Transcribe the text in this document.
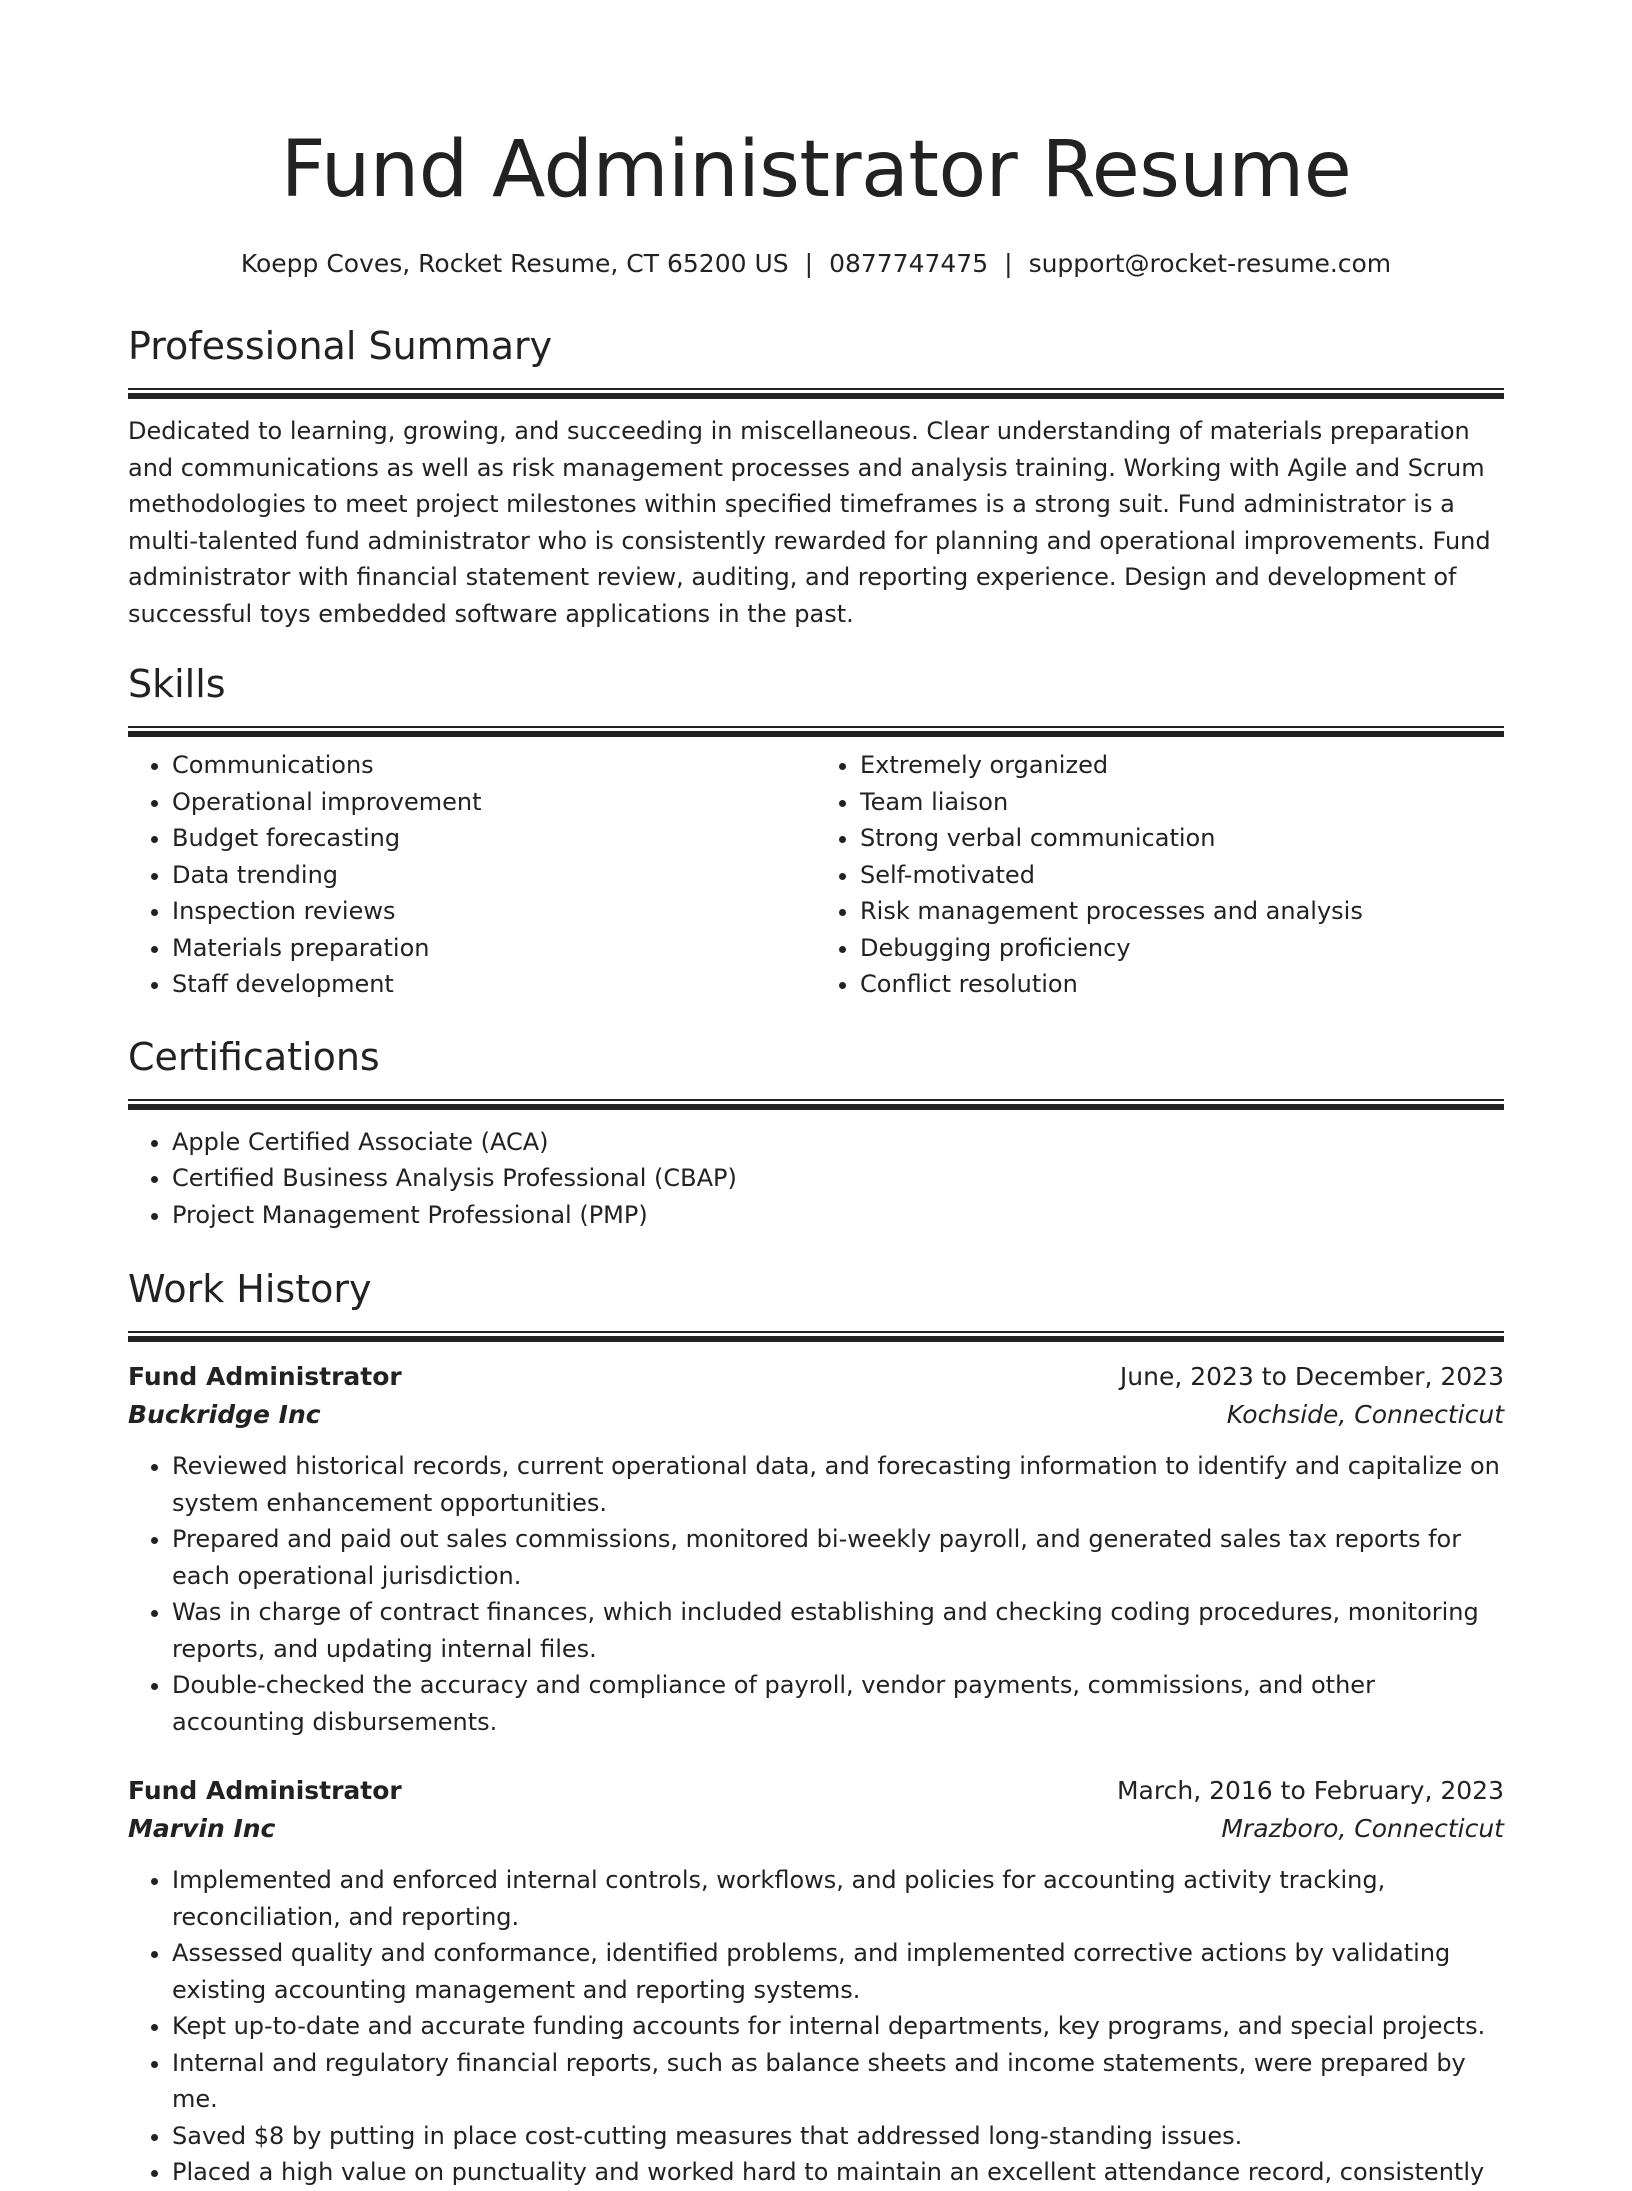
Fund Administrator Resume
Koepp Coves, Rocket Resume, CT 65200 US | 0877747475 | support@rocket-resume.com
Professional Summary

Dedicated to learning, growing, and succeeding in miscellaneous. Clear understanding of materials preparation and communications as well as risk management processes and analysis training. Working with Agile and Scrum methodologies to meet project milestones within specified timeframes is a strong suit. Fund administrator is a multi-talented fund administrator who is consistently rewarded for planning and operational improvements. Fund administrator with financial statement review, auditing, and reporting experience. Design and development of successful toys embedded software applications in the past.

Skills
• Communications
• Operational improvement
• Budget forecasting
• Data trending
• Inspection reviews
• Materials preparation
• Staff development
• Extremely organized
• Team liaison
• Strong verbal communication
• Self-motivated
• Risk management processes and analysis
• Debugging proficiency
• Conflict resolution
Certifications
• Apple Certified Associate (ACA)
• Certified Business Analysis Professional (CBAP)
• Project Management Professional (PMP)
Work History
Fund Administrator	June, 2023 to December, 2023
Buckridge Inc	Kochside, Connecticut
• Reviewed historical records, current operational data, and forecasting information to identify and capitalize on system enhancement opportunities.
• Prepared and paid out sales commissions, monitored bi-weekly payroll, and generated sales tax reports for each operational jurisdiction.
• Was in charge of contract finances, which included establishing and checking coding procedures, monitoring reports, and updating internal files.
• Double-checked the accuracy and compliance of payroll, vendor payments, commissions, and other accounting disbursements.
Fund Administrator	March, 2016 to February, 2023
Marvin Inc	Mrazboro, Connecticut
• Implemented and enforced internal controls, workflows, and policies for accounting activity tracking, reconciliation, and reporting.
• Assessed quality and conformance, identified problems, and implemented corrective actions by validating existing accounting management and reporting systems.
• Kept up-to-date and accurate funding accounts for internal departments, key programs, and special projects.
• Internal and regulatory financial reports, such as balance sheets and income statements, were prepared by me.
• Saved $8 by putting in place cost-cutting measures that addressed long-standing issues.
• Placed a high value on punctuality and worked hard to maintain an excellent attendance record, consistently
